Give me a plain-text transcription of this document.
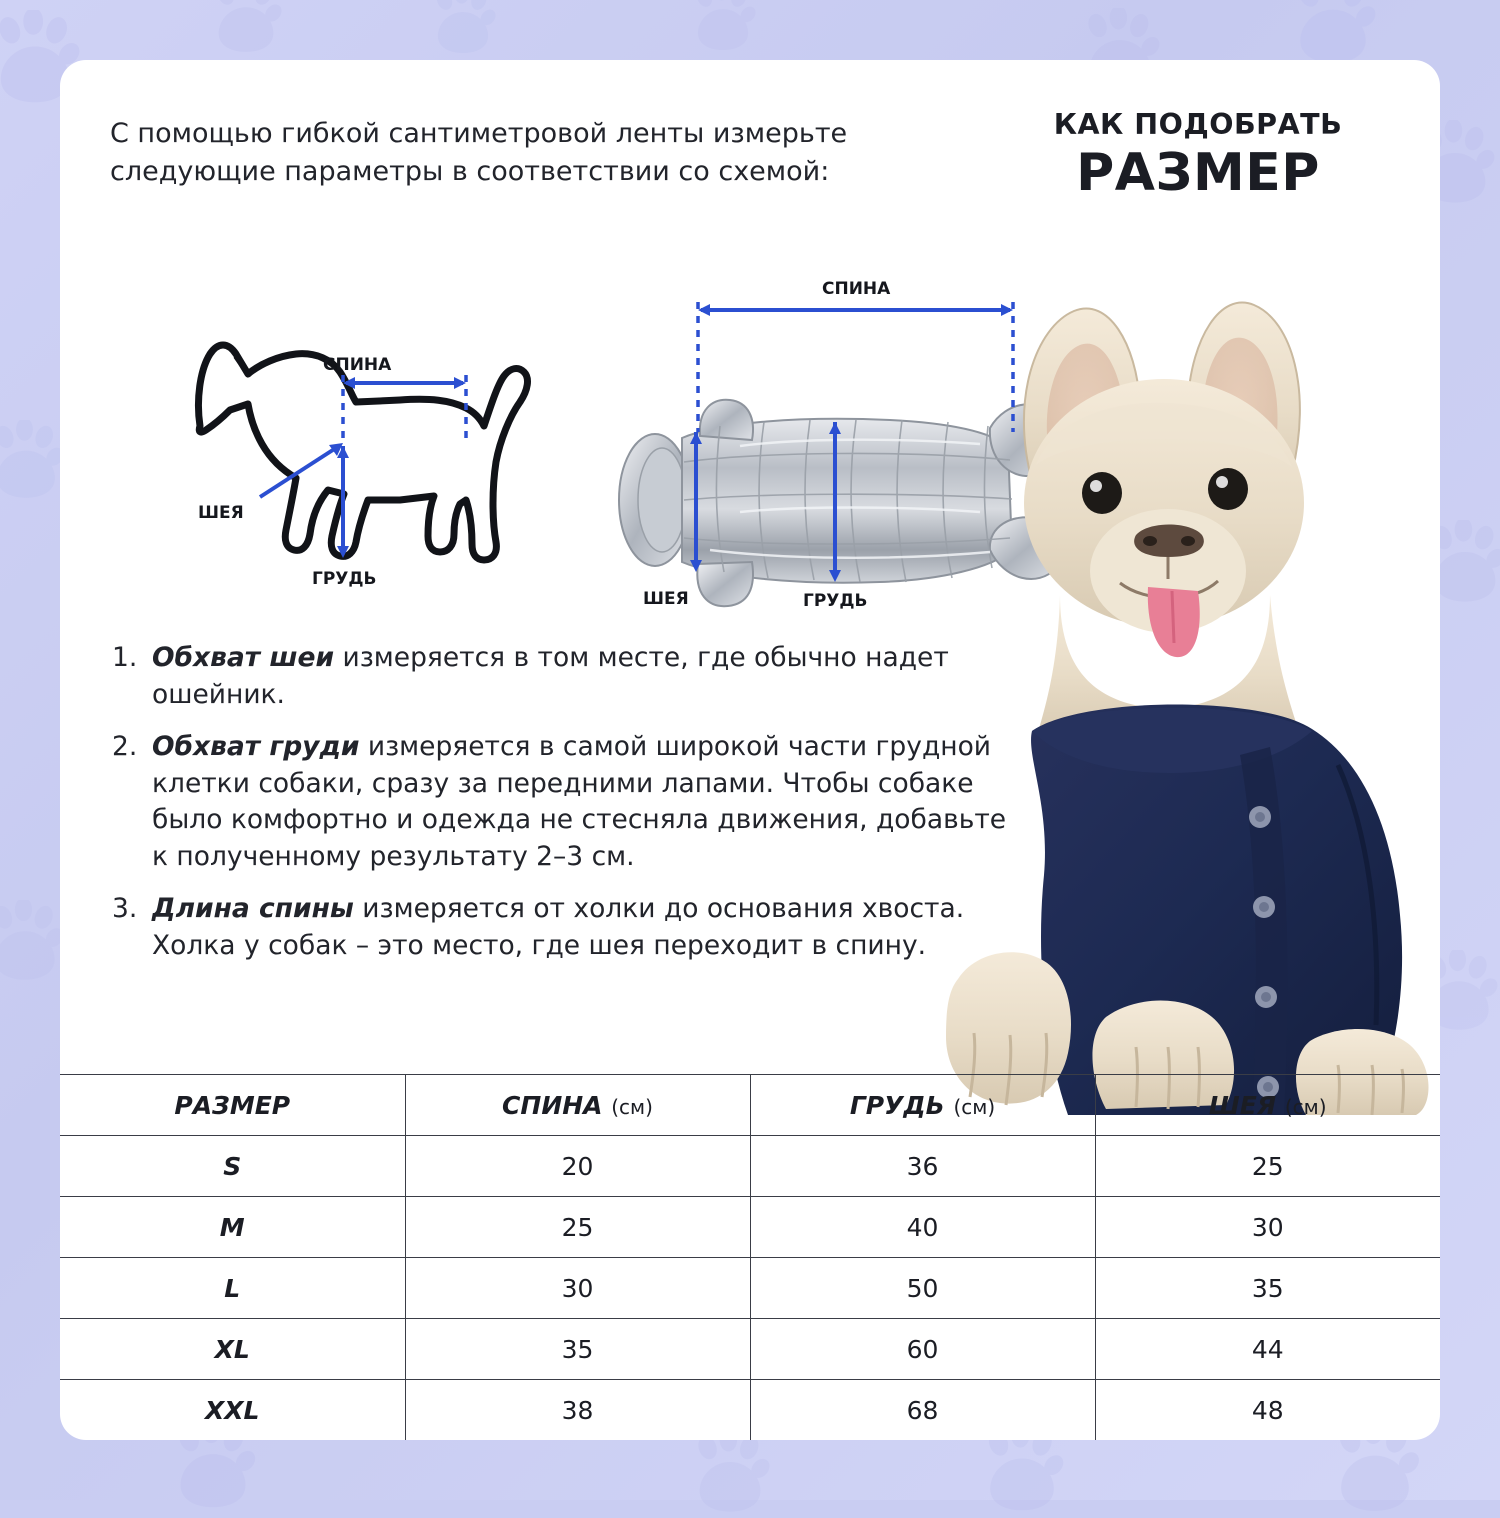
С помощью гибкой сантиметровой ленты измерьте следующие параметры в соответствии со схемой:
КАК ПОДОБРАТЬ
РАЗМЕР
СПИНА
ШЕЯ
ГРУДЬ
СПИНА
ШЕЯ	ГРУДЬ
1. Обхват шеи измеряется в том месте, где обычно надет ошейник.
2. Обхват груди измеряется в самой широкой части грудной клетки собаки, сразу за передними лапами. Чтобы собаке было комфортно и одежда не стесняла движения, добавьте к полученному результату 2–3 см.
3. Длина спины измеряется от холки до основания хвоста. Холка у собак – это место, где шея переходит в спину.
РАЗМЕР	СПИНА (см)	ГРУДЬ (см)	ШЕЯ (см)
S	20	36	25
M	25	40	30
L	30	50	35
XL	35	60	44
XXL	38	68	48
